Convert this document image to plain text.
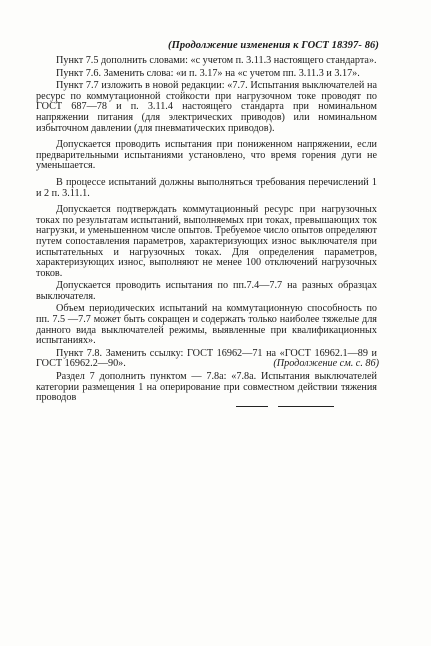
(Продолжение изменения к ГОСТ 18397- 86)

Пункт 7.5 дополнить словами: «с учетом п. 3.11.3 настоящего стандарта».

Пункт 7.6. Заменить слова: «и п. 3.17» на «с учетом пп. 3.11.3 и 3.17».

Пункт 7.7 изложить в новой редакции: «7.7. Испытания выключателей на ресурс по коммутационной стойкости при нагрузочном токе проводят по ГОСТ 687—78 и п. 3.11.4 настоящего стандарта при номинальном напряжении питания (для электрических приводов) или номинальном избыточном давлении (для пневматических приводов).

Допускается проводить испытания при пониженном напряжении, если предварительными испытаниями установлено, что время горения дуги не уменьшается.

В процессе испытаний должны выполняться требования перечислений 1 и 2 п. 3.11.1.

Допускается подтверждать коммутационный ресурс при нагрузочных токах по результатам испытаний, выполняемых при токах, превышающих ток нагрузки, и уменьшенном числе опытов. Требуемое число опытов определяют путем сопоставления параметров, характеризующих износ выключателя при испытательных и нагрузочных токах. Для определения параметров, характеризующих износ, выполняют не менее 100 отключений нагрузочных токов.

Допускается проводить испытания по пп.7.4—7.7 на разных образцах выключателя.

Объем периодических испытаний на коммутационную способность по пп. 7.5 —7.7 может быть сокращен и содержать только наиболее тяжелые для данного вида выключателей режимы, выявленные при квалификационных испытаниях».

Пункт 7.8. Заменить ссылку: ГОСТ 16962—71 на «ГОСТ 16962.1—89 и ГОСТ 16962.2—90».

Раздел 7 дополнить пунктом — 7.8а: «7.8а. Испытания выключателей категории размещения 1 на оперирование при совместном действии тяжения проводов

(Продолжение см. с. 86)
